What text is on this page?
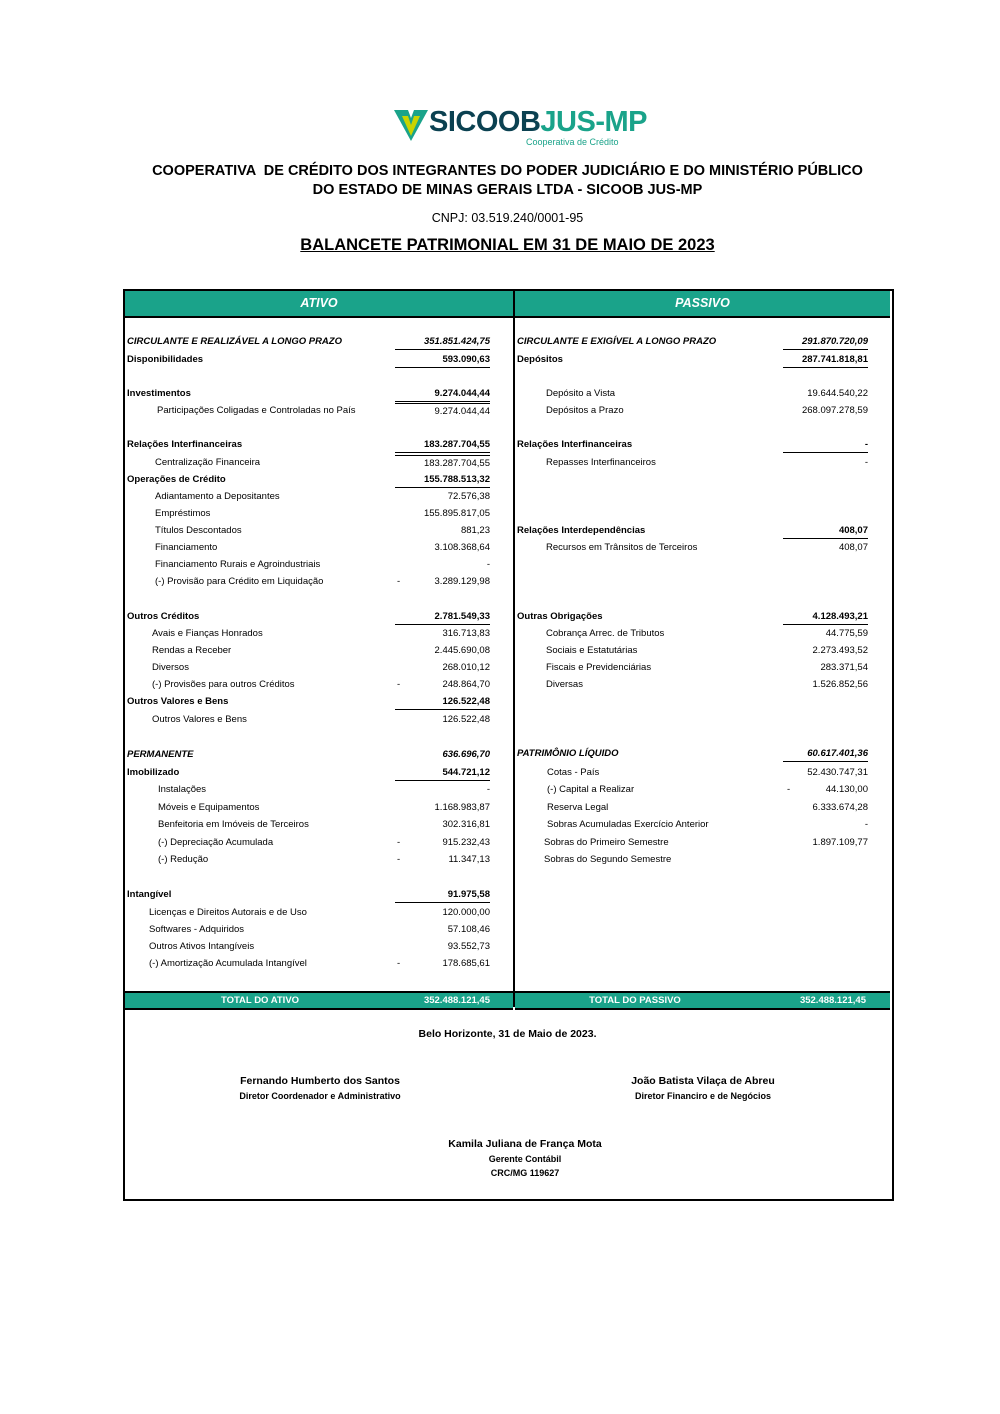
SICOOBJUS-MP
Cooperativa de Crédito
COOPERATIVA  DE CRÉDITO DOS INTEGRANTES DO PODER JUDICIÁRIO E DO MINISTÉRIO PÚBLICO
DO ESTADO DE MINAS GERAIS LTDA - SICOOB JUS-MP
CNPJ: 03.519.240/0001-95
BALANCETE PATRIMONIAL EM 31 DE MAIO DE 2023
ATIVO	PASSIVO
CIRCULANTE E REALIZÁVEL A LONGO PRAZO	351.851.424,75
Disponibilidades	593.090,63
Investimentos	9.274.044,44
Participações Coligadas e Controladas no País	9.274.044,44
Relações Interfinanceiras	183.287.704,55
Centralização Financeira	183.287.704,55
Operações de Crédito	155.788.513,32
Adiantamento a Depositantes	72.576,38
Empréstimos	155.895.817,05
Títulos Descontados	881,23
Financiamento	3.108.368,64
Financiamento Rurais e Agroindustriais	-
(-) Provisão para Crédito em Liquidação	-	3.289.129,98
Outros Créditos	2.781.549,33
Avais e Fianças Honrados	316.713,83
Rendas a Receber	2.445.690,08
Diversos	268.010,12
(-) Provisões para outros Créditos	-	248.864,70
Outros Valores e Bens	126.522,48
Outros Valores e Bens	126.522,48
PERMANENTE	636.696,70
Imobilizado	544.721,12
Instalações	-
Móveis e Equipamentos	1.168.983,87
Benfeitoria em Imóveis de Terceiros	302.316,81
(-) Depreciação Acumulada	-	915.232,43
(-) Redução	-	11.347,13
Intangível	91.975,58
Licenças e Direitos Autorais e de Uso	120.000,00
Softwares - Adquiridos	57.108,46
Outros Ativos Intangíveis	93.552,73
(-) Amortização Acumulada Intangível	-	178.685,61
CIRCULANTE E EXIGÍVEL A LONGO PRAZO	291.870.720,09
Depósitos	287.741.818,81
Depósito a Vista	19.644.540,22
Depósitos a Prazo	268.097.278,59
Relações Interfinanceiras	-
Repasses Interfinanceiros	-
Relações Interdependências	408,07
Recursos em Trânsitos de Terceiros	408,07
Outras Obrigações	4.128.493,21
Cobrança Arrec. de Tributos	44.775,59
Sociais e Estatutárias	2.273.493,52
Fiscais e Previdenciárias	283.371,54
Diversas	1.526.852,56
PATRIMÔNIO LÍQUIDO	60.617.401,36
Cotas - País	52.430.747,31
(-) Capital a Realizar	-	44.130,00
Reserva Legal	6.333.674,28
Sobras Acumuladas Exercício Anterior	-
Sobras do Primeiro Semestre	1.897.109,77
Sobras do Segundo Semestre
TOTAL DO ATIVO	352.488.121,45	TOTAL DO PASSIVO	352.488.121,45
Belo Horizonte, 31 de Maio de 2023.
Fernando Humberto dos Santos
Diretor Coordenador e Administrativo
João Batista Vilaça de Abreu
Diretor Financiro e de Negócios
Kamila Juliana de França Mota
Gerente Contábil
CRC/MG 119627
